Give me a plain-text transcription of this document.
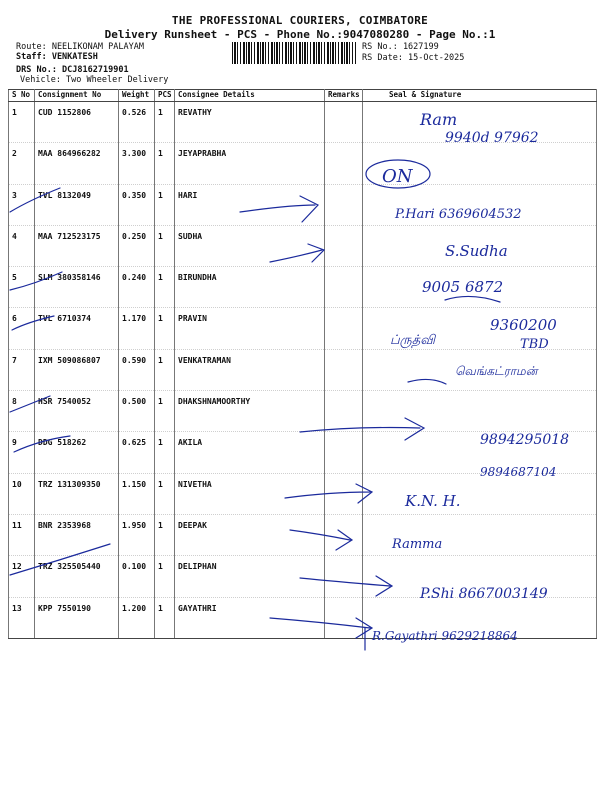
THE PROFESSIONAL COURIERS, COIMBATORE
Delivery Runsheet - PCS - Phone No.:9047080280 - Page No.:1
Route: NEELIKONAM PALAYAM
Staff: VENKATESH
DRS No.: DCJ8162719901
Vehicle: Two Wheeler Delivery
RS No.: 1627199
RS Date: 15-Oct-2025
S No	Consignment No	Weight	PCS	Consignee Details	Remarks	Seal & Signature
1	CUD 1152806	0.526	1	REVATHY		
2	MAA 864966282	3.300	1	JEYAPRABHA		
3	TVL 8132049	0.350	1	HARI		
4	MAA 712523175	0.250	1	SUDHA		
5	SLM 380358146	0.240	1	BIRUNDHA		
6	TVL 6710374	1.170	1	PRAVIN		
7	IXM 509086807	0.590	1	VENKATRAMAN		
8	HSR 7540052	0.500	1	DHAKSHNAMOORTHY		
9	DDG 518262	0.625	1	AKILA		
10	TRZ 131309350	1.150	1	NIVETHA		
11	BNR 2353968	1.950	1	DEEPAK		
12	TRZ 325505440	0.100	1	DELIPHAN		
13	KPP 7550190	1.200	1	GAYATHRI		
Ram
9940d 97962
ON
P.Hari 6369604532
S.Sudha
9005 6872
9360200
TBD
ப்ருத்வி
வெங்கட்ராமன்
9894295018
9894687104
K.N. H.
Ramma
P.Shi 8667003149
R.Gayathri 9629218864
